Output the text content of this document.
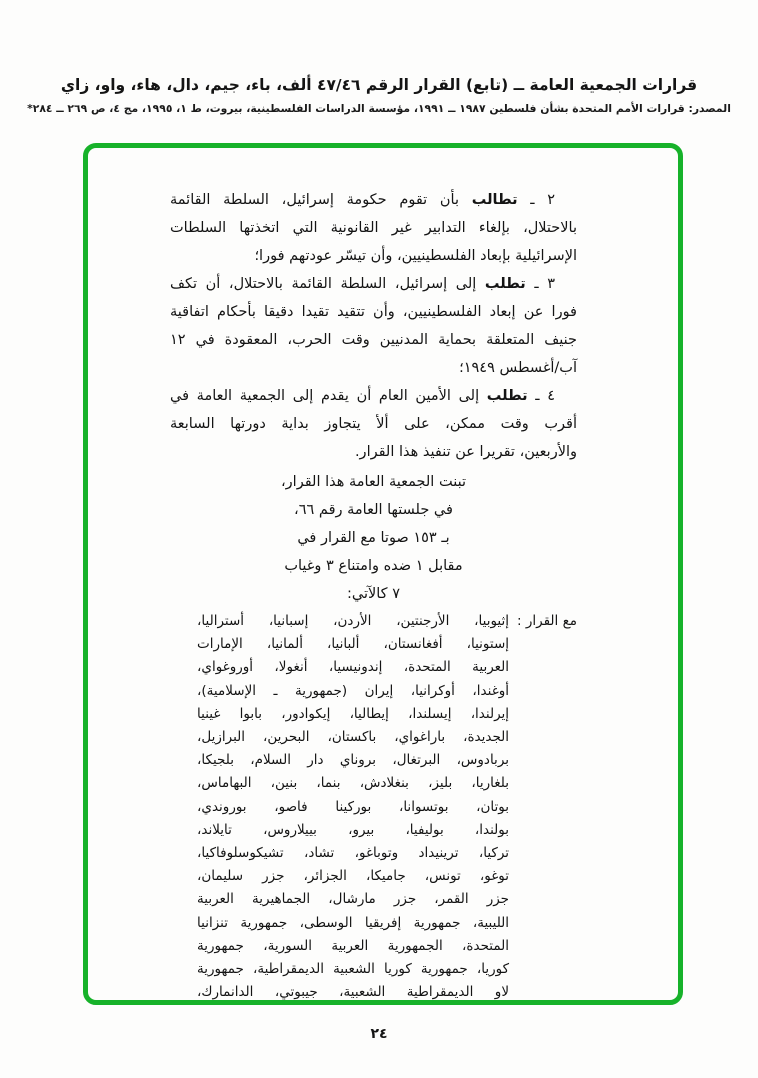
قرارات الجمعية العامة ــ (تابع) القرار الرقم ٤٧/٤٦ ألف، باء، جيم، دال، هاء، واو، زاي
المصدر: قرارات الأمم المتحدة بشأن فلسطين ١٩٨٧ ــ ١٩٩١، مؤسسة الدراسات الفلسطينية، بيروت، ط ١، ١٩٩٥، مج ٤، ص ٢٦٩ ــ ٢٨٤*
٢ ـ تطالب بأن تقوم حكومة إسرائيل، السلطة القائمة
بالاحتلال، بإلغاء التدابير غير القانونية التي اتخذتها السلطات
الإسرائيلية بإبعاد الفلسطينيين، وأن تيسّر عودتهم فورا؛
٣ ـ تطلب إلى إسرائيل، السلطة القائمة بالاحتلال، أن تكف
فورا عن إبعاد الفلسطينيين، وأن تتقيد تقيدا دقيقا بأحكام اتفاقية
جنيف المتعلقة بحماية المدنيين وقت الحرب، المعقودة في ١٢
آب/أغسطس ١٩٤٩؛
٤ ـ تطلب إلى الأمين العام أن يقدم إلى الجمعية العامة في
أقرب وقت ممكن، على ألأ يتجاوز بداية دورتها السابعة
والأربعين، تقريرا عن تنفيذ هذا القرار.
تبنت الجمعية العامة هذا القرار،
في جلستها العامة رقم ٦٦،
بـ ١٥٣ صوتا مع القرار في
مقابل ١ ضده وامتناع ٣ وغياب
٧ كالآتي:
مع القرار :
إثيوبيا، الأرجنتين، الأردن، إسبانيا، أستراليا،
إستونيا، أفغانستان، ألبانيا، ألمانيا، الإمارات
العربية المتحدة، إندونيسيا، أنغولا، أوروغواي،
أوغندا، أوكرانيا، إيران (جمهورية ـ الإسلامية)،
إيرلندا، إيسلندا، إيطاليا، إيكوادور، بابوا غينيا
الجديدة، باراغواي، باكستان، البحرين، البرازيل،
بربادوس، البرتغال، بروناي دار السلام، بلجيكا،
بلغاريا، بليز، بنغلادش، بنما، بنين، البهاماس،
بوتان، بوتسوانا، بوركينا فاصو، بوروندي،
بولندا، بوليفيا، بيرو، بييلاروس، تايلاند،
تركيا، ترينيداد وتوباغو، تشاد، تشيكوسلوفاكيا،
توغو، تونس، جاميكا، الجزائر، جزر سليمان،
جزر القمر، جزر مارشال، الجماهيرية العربية
الليبية، جمهورية إفريقيا الوسطى، جمهورية تنزانيا
المتحدة، الجمهورية العربية السورية، جمهورية
كوريا، جمهورية كوريا الشعبية الديمقراطية، جمهورية
لاو الديمقراطية الشعبية، جيبوتي، الدانمارك،
٢٤
